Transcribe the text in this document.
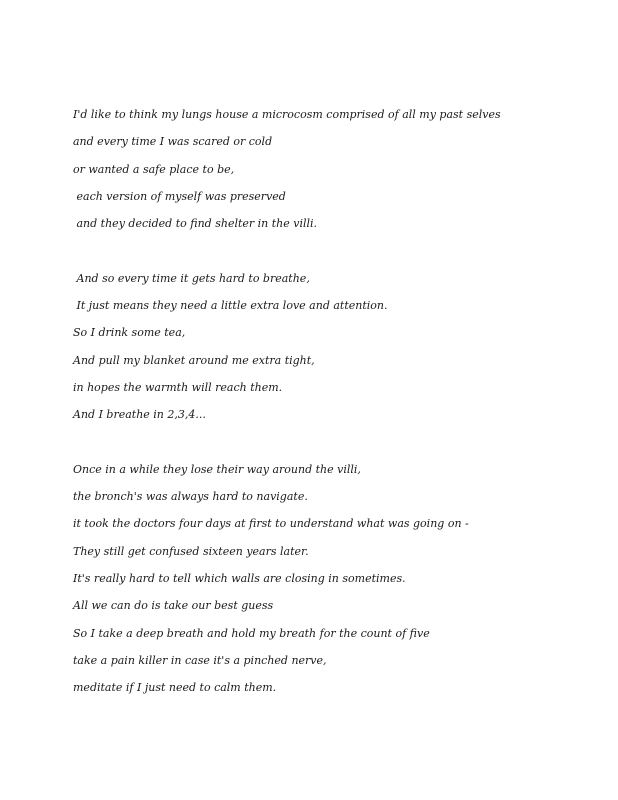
I'd like to think my lungs house a microcosm comprised of all my past selves
and every time I was scared or cold
or wanted a safe place to be,
each version of myself was preserved
and they decided to find shelter in the villi.
And so every time it gets hard to breathe,
It just means they need a little extra love and attention.
So I drink some tea,
And pull my blanket around me extra tight,
in hopes the warmth will reach them.
And I breathe in 2,3,4...
Once in a while they lose their way around the villi,
the bronch's was always hard to navigate.
it took the doctors four days at first to understand what was going on -
They still get confused sixteen years later.
It's really hard to tell which walls are closing in sometimes.
All we can do is take our best guess
So I take a deep breath and hold my breath for the count of five
take a pain killer in case it's a pinched nerve,
meditate if I just need to calm them.
